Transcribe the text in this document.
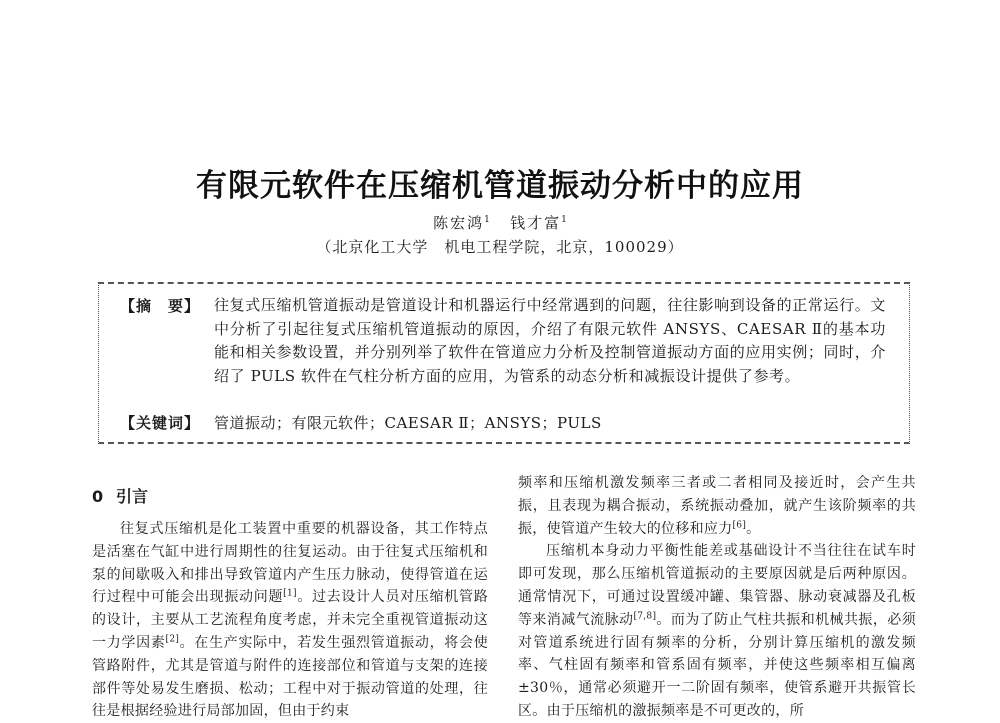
有限元软件在压缩机管道振动分析中的应用
陈宏鸿$^1$ 钱才富$^1$
（北京化工大学　机电工程学院，北京，100029）
【摘　要】 往复式压缩机管道振动是管道设计和机器运行中经常遇到的问题，往往影响到设备的正常运行。文中分析了引起往复式压缩机管道振动的原因，介绍了有限元软件 ANSYS、CAESAR Ⅱ的基本功能和相关参数设置，并分别列举了软件在管道应力分析及控制管道振动方面的应用实例；同时，介绍了 PULS 软件在气柱分析方面的应用，为管系的动态分析和减振设计提供了参考。
【关键词】 管道振动；有限元软件；CAESAR Ⅱ；ANSYS；PULS
0 引言

往复式压缩机是化工装置中重要的机器设备，其工作特点是活塞在气缸中进行周期性的往复运动。由于往复式压缩机和泵的间歇吸入和排出导致管道内产生压力脉动，使得管道在运行过程中可能会出现振动问题[1]。过去设计人员对压缩机管路的设计，主要从工艺流程角度考虑，并未完全重视管道振动这一力学因素[2]。在生产实际中，若发生强烈管道振动，将会使管路附件，尤其是管道与附件的连接部位和管道与支架的连接部件等处易发生磨损、松动；工程中对于振动管道的处理，往往是根据经验进行局部加固，但由于约束

频率和压缩机激发频率三者或二者相同及接近时，会产生共振，且表现为耦合振动，系统振动叠加，就产生该阶频率的共振，使管道产生较大的位移和应力[6]。

压缩机本身动力平衡性能差或基础设计不当往往在试车时即可发现，那么压缩机管道振动的主要原因就是后两种原因。通常情况下，可通过设置缓冲罐、集管器、脉动衰减器及孔板等来消减气流脉动[7,8]。而为了防止气柱共振和机械共振，必须对管道系统进行固有频率的分析，分别计算压缩机的激发频率、气柱固有频率和管系固有频率，并使这些频率相互偏离±30％，通常必须避开一二阶固有频率，使管系避开共振管长区。由于压缩机的激振频率是不可更改的，所
